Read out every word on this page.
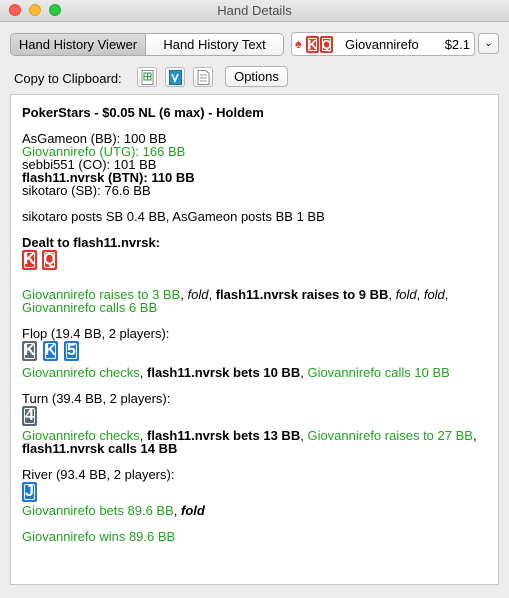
Hand Details
Hand History Viewer	Hand History Text	♠ K Q Giovannirefo $2.1	⌄
Copy to Clipboard:	Options
PokerStars - $0.05 NL (6 max) - Holdem
AsGameon (BB): 100 BB
Giovannirefo (UTG): 166 BB
sebbi551 (CO): 101 BB
flash11.nvrsk (BTN): 110 BB
sikotaro (SB): 76.6 BB
sikotaro posts SB 0.4 BB, AsGameon posts BB 1 BB
Dealt to flash11.nvrsk:
K Q
Giovannirefo raises to 3 BB, fold, flash11.nvrsk raises to 9 BB, fold, fold,
Giovannirefo calls 6 BB
Flop (19.4 BB, 2 players):
K K 5
Giovannirefo checks, flash11.nvrsk bets 10 BB, Giovannirefo calls 10 BB
Turn (39.4 BB, 2 players):
4
Giovannirefo checks, flash11.nvrsk bets 13 BB, Giovannirefo raises to 27 BB,
flash11.nvrsk calls 14 BB
River (93.4 BB, 2 players):
J
Giovannirefo bets 89.6 BB, fold
Giovannirefo wins 89.6 BB
